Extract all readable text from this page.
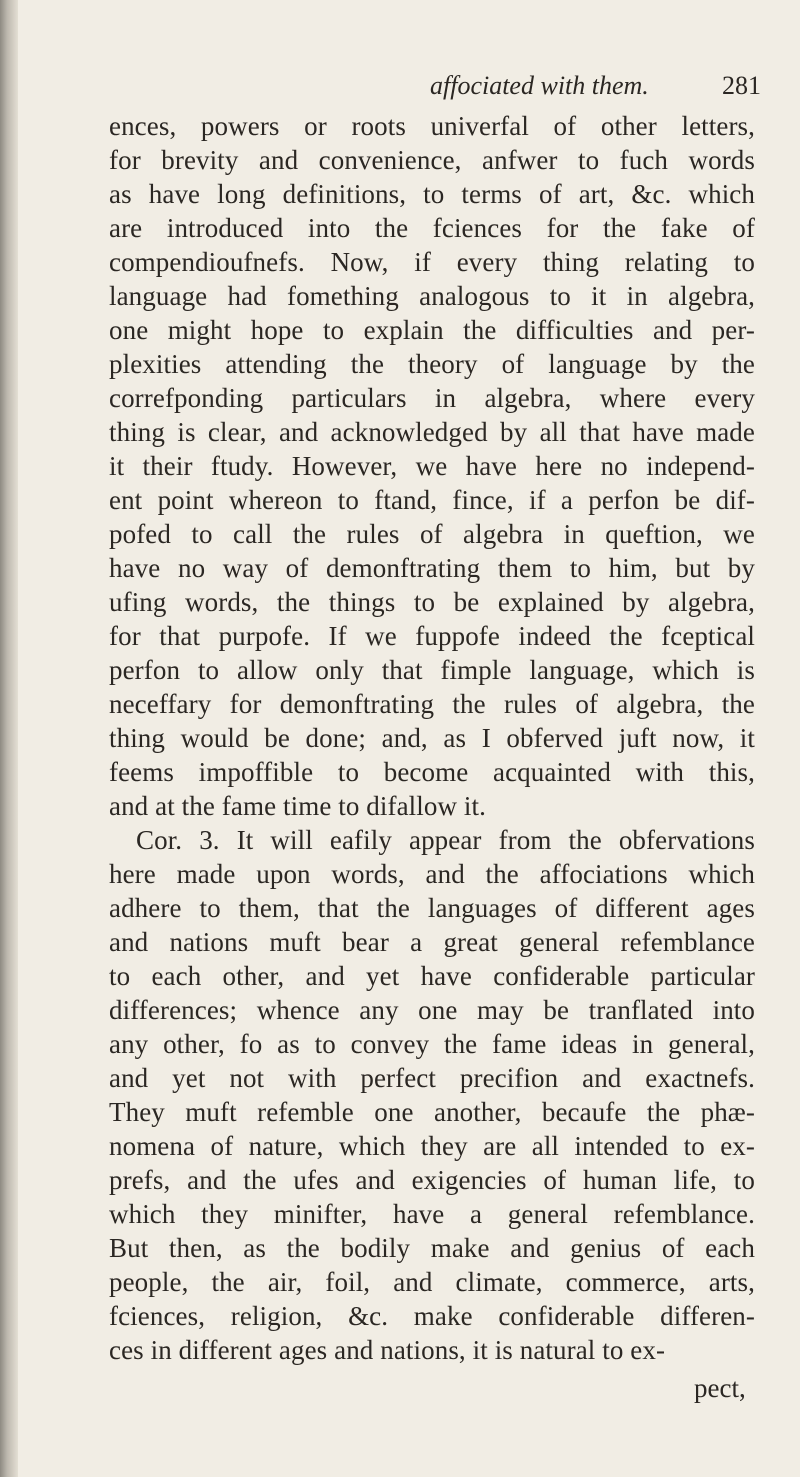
affociated with them.	281
ences, powers or roots univerfal of other letters,
for brevity and convenience, anfwer to fuch words
as have long definitions, to terms of art, &c. which
are introduced into the fciences for the fake of
compendioufnefs. Now, if every thing relating to
language had fomething analogous to it in algebra,
one might hope to explain the difficulties and per-
plexities attending the theory of language by the
correfponding particulars in algebra, where every
thing is clear, and acknowledged by all that have made
it their ftudy. However, we have here no independ-
ent point whereon to ftand, fince, if a perfon be dif-
pofed to call the rules of algebra in queftion, we
have no way of demonftrating them to him, but by
ufing words, the things to be explained by algebra,
for that purpofe. If we fuppofe indeed the fceptical
perfon to allow only that fimple language, which is
neceffary for demonftrating the rules of algebra, the
thing would be done; and, as I obferved juft now, it
feems impoffible to become acquainted with this,
and at the fame time to difallow it.
Cor. 3. It will eafily appear from the obfervations
here made upon words, and the affociations which
adhere to them, that the languages of different ages
and nations muft bear a great general refemblance
to each other, and yet have confiderable particular
differences; whence any one may be tranflated into
any other, fo as to convey the fame ideas in general,
and yet not with perfect precifion and exactnefs.
They muft refemble one another, becaufe the phæ-
nomena of nature, which they are all intended to ex-
prefs, and the ufes and exigencies of human life, to
which they minifter, have a general refemblance.
But then, as the bodily make and genius of each
people, the air, foil, and climate, commerce, arts,
fciences, religion, &c. make confiderable differen-
ces in different ages and nations, it is natural to ex-
pect,
